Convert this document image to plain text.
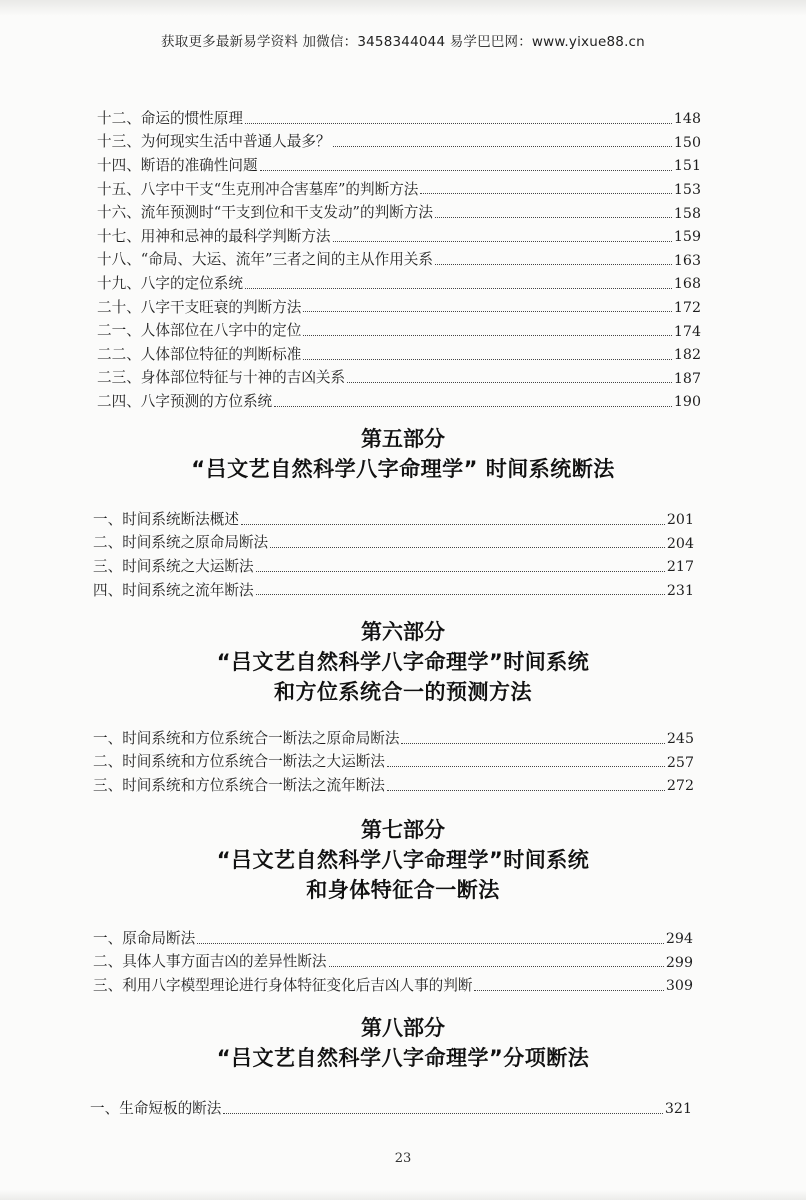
获取更多最新易学资料 加微信：3458344044 易学巴巴网：www.yixue88.cn
十二、命运的惯性原理	148
十三、为何现实生活中普通人最多？	150
十四、断语的准确性问题	151
十五、八字中干支“生克刑冲合害墓库”的判断方法	153
十六、流年预测时“干支到位和干支发动”的判断方法	158
十七、用神和忌神的最科学判断方法	159
十八、“命局、大运、流年”三者之间的主从作用关系	163
十九、八字的定位系统	168
二十、八字干支旺衰的判断方法	172
二一、人体部位在八字中的定位	174
二二、人体部位特征的判断标准	182
二三、身体部位特征与十神的吉凶关系	187
二四、八字预测的方位系统	190

第五部分

“吕文艺自然科学八字命理学” 时间系统断法

一、时间系统断法概述	201
二、时间系统之原命局断法	204
三、时间系统之大运断法	217
四、时间系统之流年断法	231

第六部分

“吕文艺自然科学八字命理学”时间系统

和方位系统合一的预测方法

一、时间系统和方位系统合一断法之原命局断法	245
二、时间系统和方位系统合一断法之大运断法	257
三、时间系统和方位系统合一断法之流年断法	272

第七部分

“吕文艺自然科学八字命理学”时间系统

和身体特征合一断法

一、原命局断法	294
二、具体人事方面吉凶的差异性断法	299
三、利用八字模型理论进行身体特征变化后吉凶人事的判断	309

第八部分

“吕文艺自然科学八字命理学”分项断法

一、生命短板的断法	321
23
